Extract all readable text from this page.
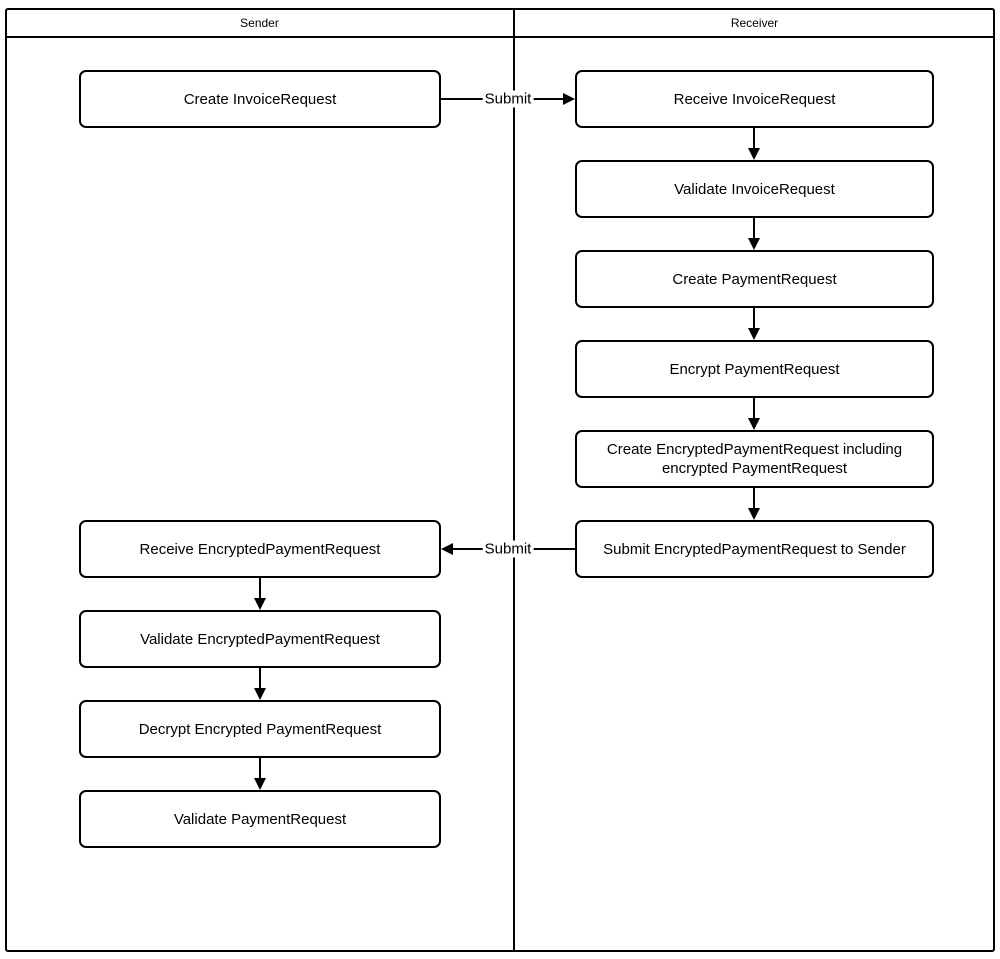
Sender	Receiver
Create InvoiceRequest
Receive EncryptedPaymentRequest
Validate EncryptedPaymentRequest
Decrypt Encrypted PaymentRequest
Validate PaymentRequest
Receive InvoiceRequest
Validate InvoiceRequest
Create PaymentRequest
Encrypt PaymentRequest
Create EncryptedPaymentRequest including encrypted PaymentRequest
Submit EncryptedPaymentRequest to Sender
Submit
Submit
